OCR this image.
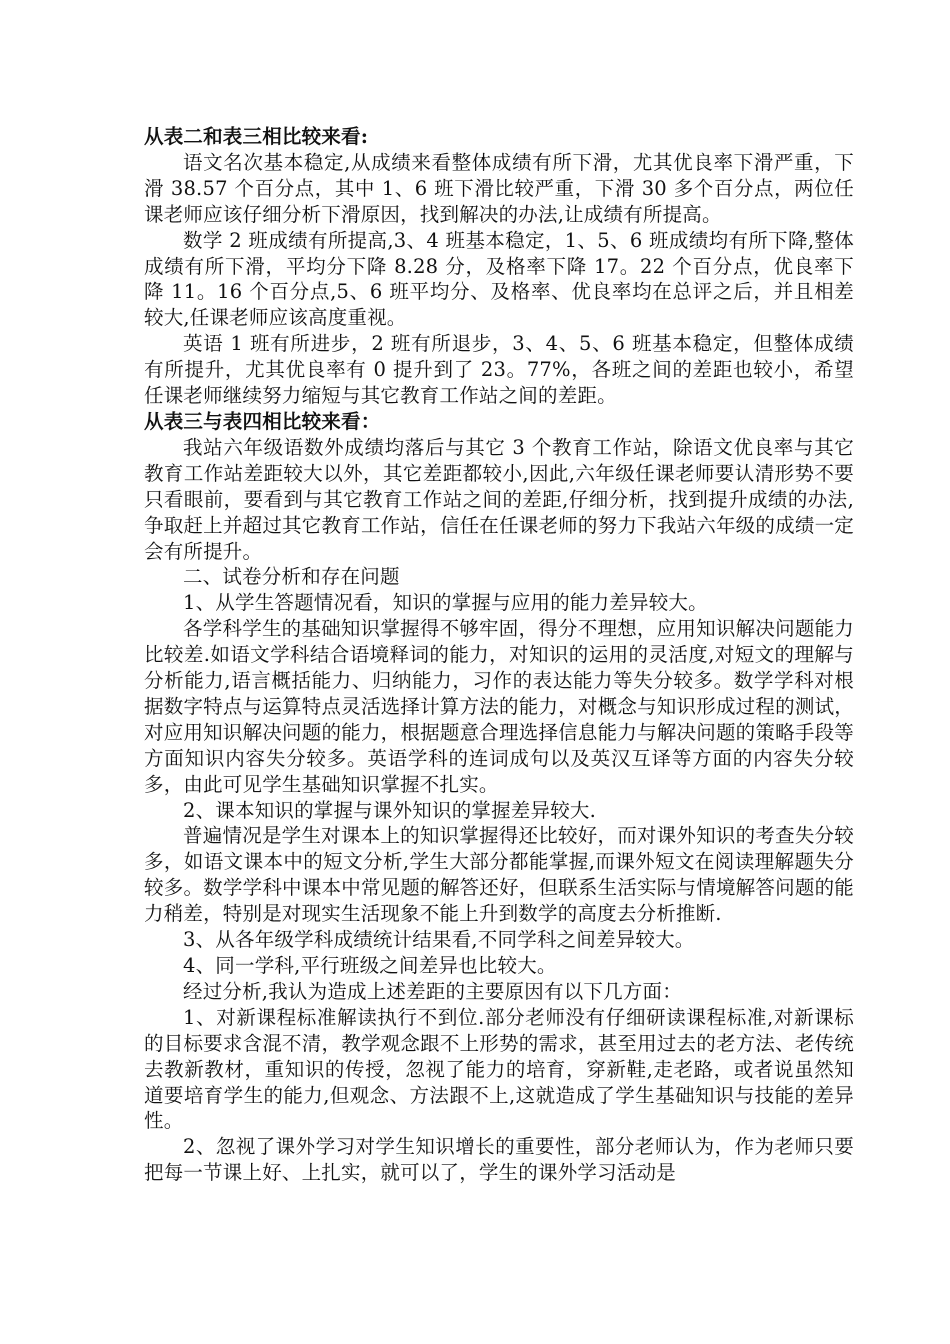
从表二和表三相比较来看:

语文名次基本稳定,从成绩来看整体成绩有所下滑，尤其优良率下滑严重，下滑 38.57 个百分点，其中 1、6 班下滑比较严重，下滑 30 多个百分点，两位任课老师应该仔细分析下滑原因，找到解决的办法,让成绩有所提高。

数学 2 班成绩有所提高,3、4 班基本稳定，1、5、6 班成绩均有所下降,整体成绩有所下滑，平均分下降 8.28 分，及格率下降 17。22 个百分点，优良率下降 11。16 个百分点,5、6 班平均分、及格率、优良率均在总评之后，并且相差较大,任课老师应该高度重视。

英语 1 班有所进步，2 班有所退步，3、4、5、6 班基本稳定，但整体成绩有所提升，尤其优良率有 0 提升到了 23。77%，各班之间的差距也较小，希望任课老师继续努力缩短与其它教育工作站之间的差距。

从表三与表四相比较来看：

我站六年级语数外成绩均落后与其它 3 个教育工作站，除语文优良率与其它教育工作站差距较大以外，其它差距都较小,因此,六年级任课老师要认清形势不要只看眼前，要看到与其它教育工作站之间的差距,仔细分析，找到提升成绩的办法,争取赶上并超过其它教育工作站，信任在任课老师的努力下我站六年级的成绩一定会有所提升。

二、试卷分析和存在问题

1、从学生答题情况看，知识的掌握与应用的能力差异较大。

各学科学生的基础知识掌握得不够牢固，得分不理想，应用知识解决问题能力比较差.如语文学科结合语境释词的能力，对知识的运用的灵活度,对短文的理解与分析能力,语言概括能力、归纳能力，习作的表达能力等失分较多。数学学科对根据数字特点与运算特点灵活选择计算方法的能力，对概念与知识形成过程的测试，对应用知识解决问题的能力，根据题意合理选择信息能力与解决问题的策略手段等方面知识内容失分较多。英语学科的连词成句以及英汉互译等方面的内容失分较多，由此可见学生基础知识掌握不扎实。

2、课本知识的掌握与课外知识的掌握差异较大.

普遍情况是学生对课本上的知识掌握得还比较好，而对课外知识的考查失分较多，如语文课本中的短文分析,学生大部分都能掌握,而课外短文在阅读理解题失分较多。数学学科中课本中常见题的解答还好，但联系生活实际与情境解答问题的能力稍差，特别是对现实生活现象不能上升到数学的高度去分析推断.

3、从各年级学科成绩统计结果看,不同学科之间差异较大。

4、同一学科,平行班级之间差异也比较大。

经过分析,我认为造成上述差距的主要原因有以下几方面：

1、对新课程标准解读执行不到位.部分老师没有仔细研读课程标准,对新课标的目标要求含混不清，教学观念跟不上形势的需求，甚至用过去的老方法、老传统去教新教材，重知识的传授，忽视了能力的培育，穿新鞋,走老路，或者说虽然知道要培育学生的能力,但观念、方法跟不上,这就造成了学生基础知识与技能的差异性。

2、忽视了课外学习对学生知识增长的重要性，部分老师认为，作为老师只要把每一节课上好、上扎实，就可以了，学生的课外学习活动是
